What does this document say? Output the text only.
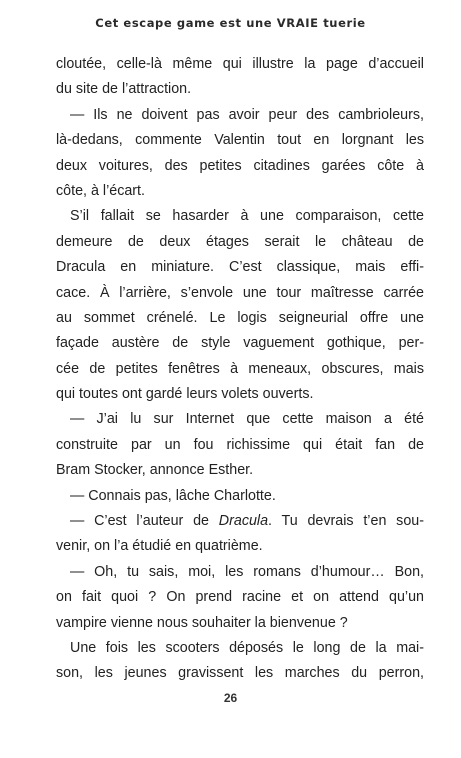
Cet escape game est une VRAIE tuerie
cloutée, celle-là même qui illustre la page d’accueil
du site de l’attraction.
— Ils ne doivent pas avoir peur des cambrioleurs,
là-dedans, commente Valentin tout en lorgnant les
deux voitures, des petites citadines garées côte à
côte, à l’écart.
S’il fallait se hasarder à une comparaison, cette
demeure de deux étages serait le château de
Dracula en miniature. C’est classique, mais effi-
cace. À l’arrière, s’envole une tour maîtresse carrée
au sommet crénelé. Le logis seigneurial offre une
façade austère de style vaguement gothique, per-
cée de petites fenêtres à meneaux, obscures, mais
qui toutes ont gardé leurs volets ouverts.
— J’ai lu sur Internet que cette maison a été
construite par un fou richissime qui était fan de
Bram Stocker, annonce Esther.
— Connais pas, lâche Charlotte.
— C’est l’auteur de Dracula. Tu devrais t’en sou-
venir, on l’a étudié en quatrième.
— Oh, tu sais, moi, les romans d’humour… Bon,
on fait quoi ? On prend racine et on attend qu’un
vampire vienne nous souhaiter la bienvenue ?
Une fois les scooters déposés le long de la mai-
son, les jeunes gravissent les marches du perron,
26
